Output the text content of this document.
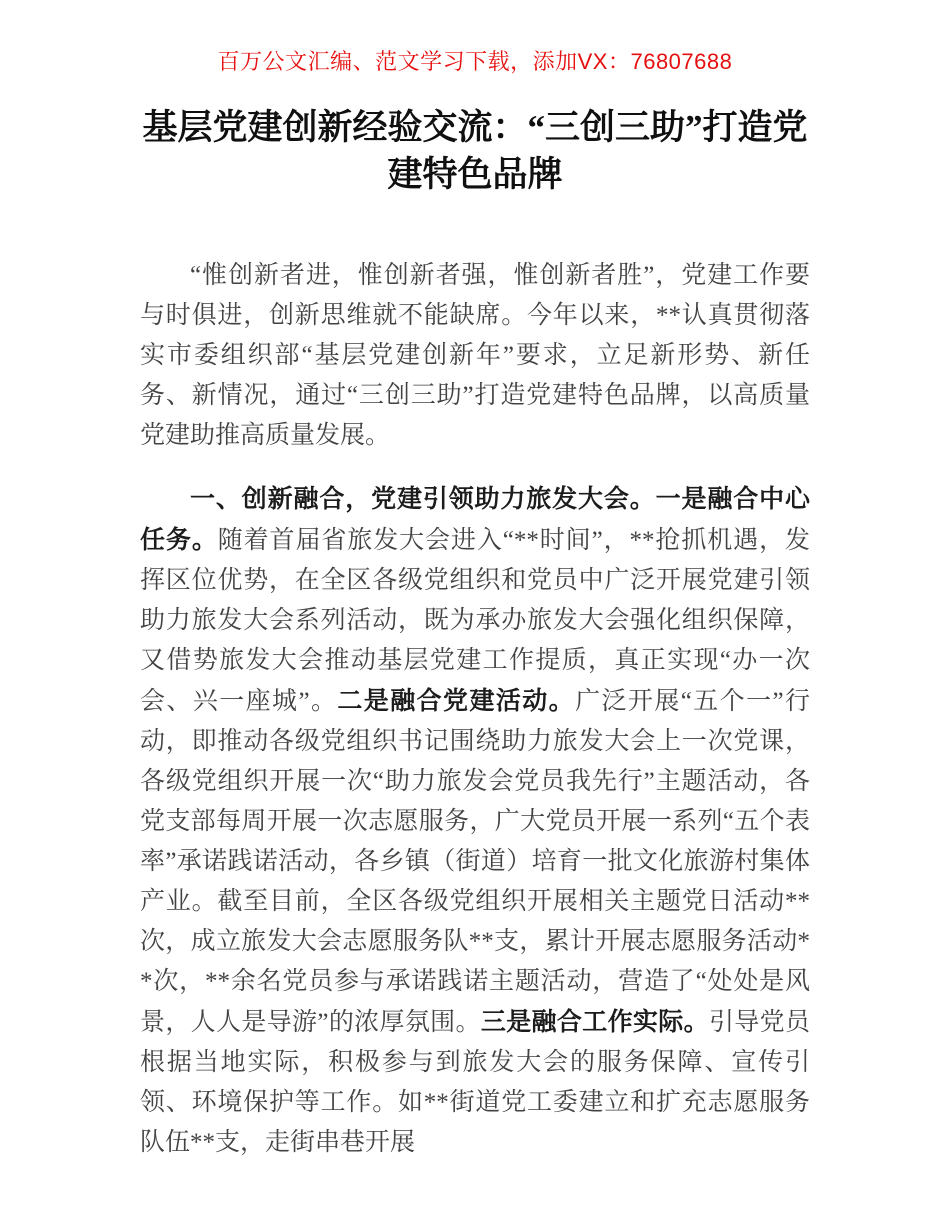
百万公文汇编、范文学习下载，添加VX：76807688
基层党建创新经验交流：“三创三助”打造党建特色品牌

“惟创新者进，惟创新者强，惟创新者胜”，党建工作要与时俱进，创新思维就不能缺席。今年以来，**认真贯彻落实市委组织部“基层党建创新年”要求，立足新形势、新任务、新情况，通过“三创三助”打造党建特色品牌，以高质量党建助推高质量发展。

一、创新融合，党建引领助力旅发大会。一是融合中心任务。随着首届省旅发大会进入“**时间”，**抢抓机遇，发挥区位优势，在全区各级党组织和党员中广泛开展党建引领助力旅发大会系列活动，既为承办旅发大会强化组织保障，又借势旅发大会推动基层党建工作提质，真正实现“办一次会、兴一座城”。二是融合党建活动。广泛开展“五个一”行动，即推动各级党组织书记围绕助力旅发大会上一次党课，各级党组织开展一次“助力旅发会党员我先行”主题活动，各党支部每周开展一次志愿服务，广大党员开展一系列“五个表率”承诺践诺活动，各乡镇（街道）培育一批文化旅游村集体产业。截至目前，全区各级党组织开展相关主题党日活动**次，成立旅发大会志愿服务队**支，累计开展志愿服务活动**次，**余名党员参与承诺践诺主题活动，营造了“处处是风景，人人是导游”的浓厚氛围。三是融合工作实际。引导党员根据当地实际，积极参与到旅发大会的服务保障、宣传引领、环境保护等工作。如**街道党工委建立和扩充志愿服务队伍**支，走街串巷开展
